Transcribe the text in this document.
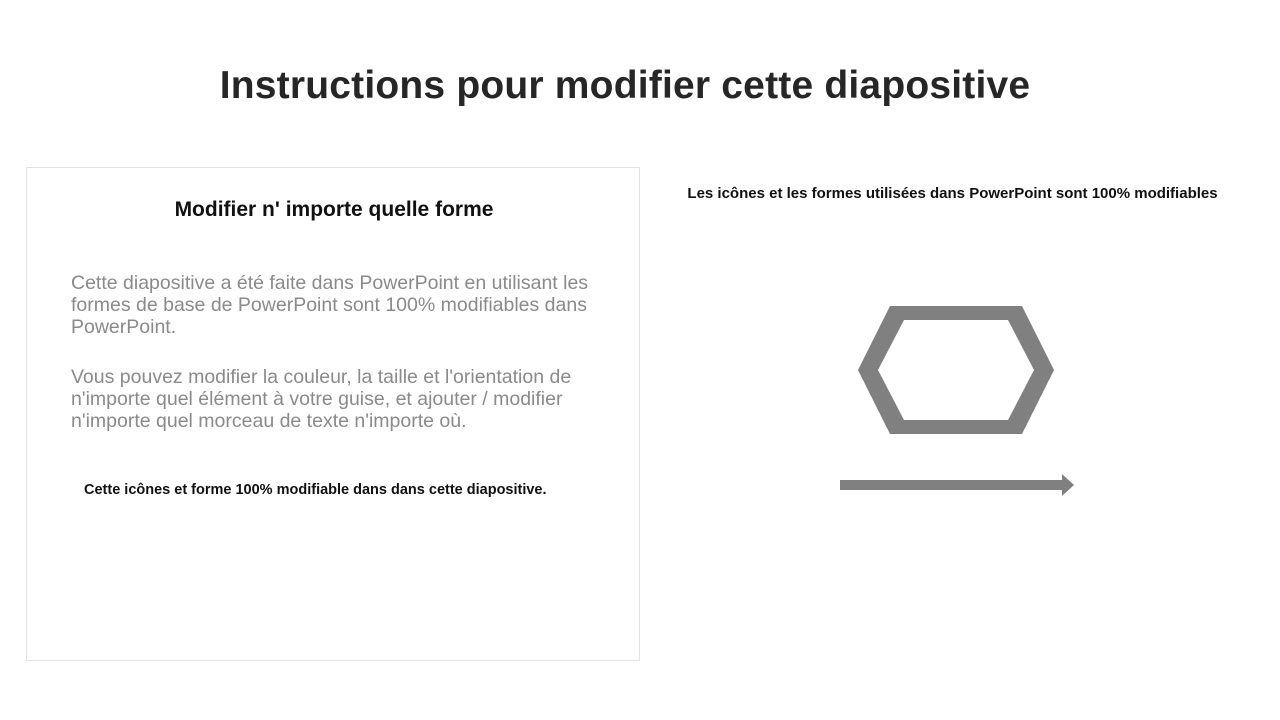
Instructions pour modifier cette diapositive
Modifier n' importe quelle forme
Cette diapositive a été faite dans PowerPoint en utilisant les formes de base de PowerPoint sont 100% modifiables dans PowerPoint.
Vous pouvez modifier la couleur, la taille et l'orientation de n'importe quel élément à votre guise, et ajouter / modifier n'importe quel morceau de texte n'importe où.
Cette icônes et forme 100% modifiable dans dans cette diapositive.
Les icônes et les formes utilisées dans PowerPoint sont 100% modifiables
